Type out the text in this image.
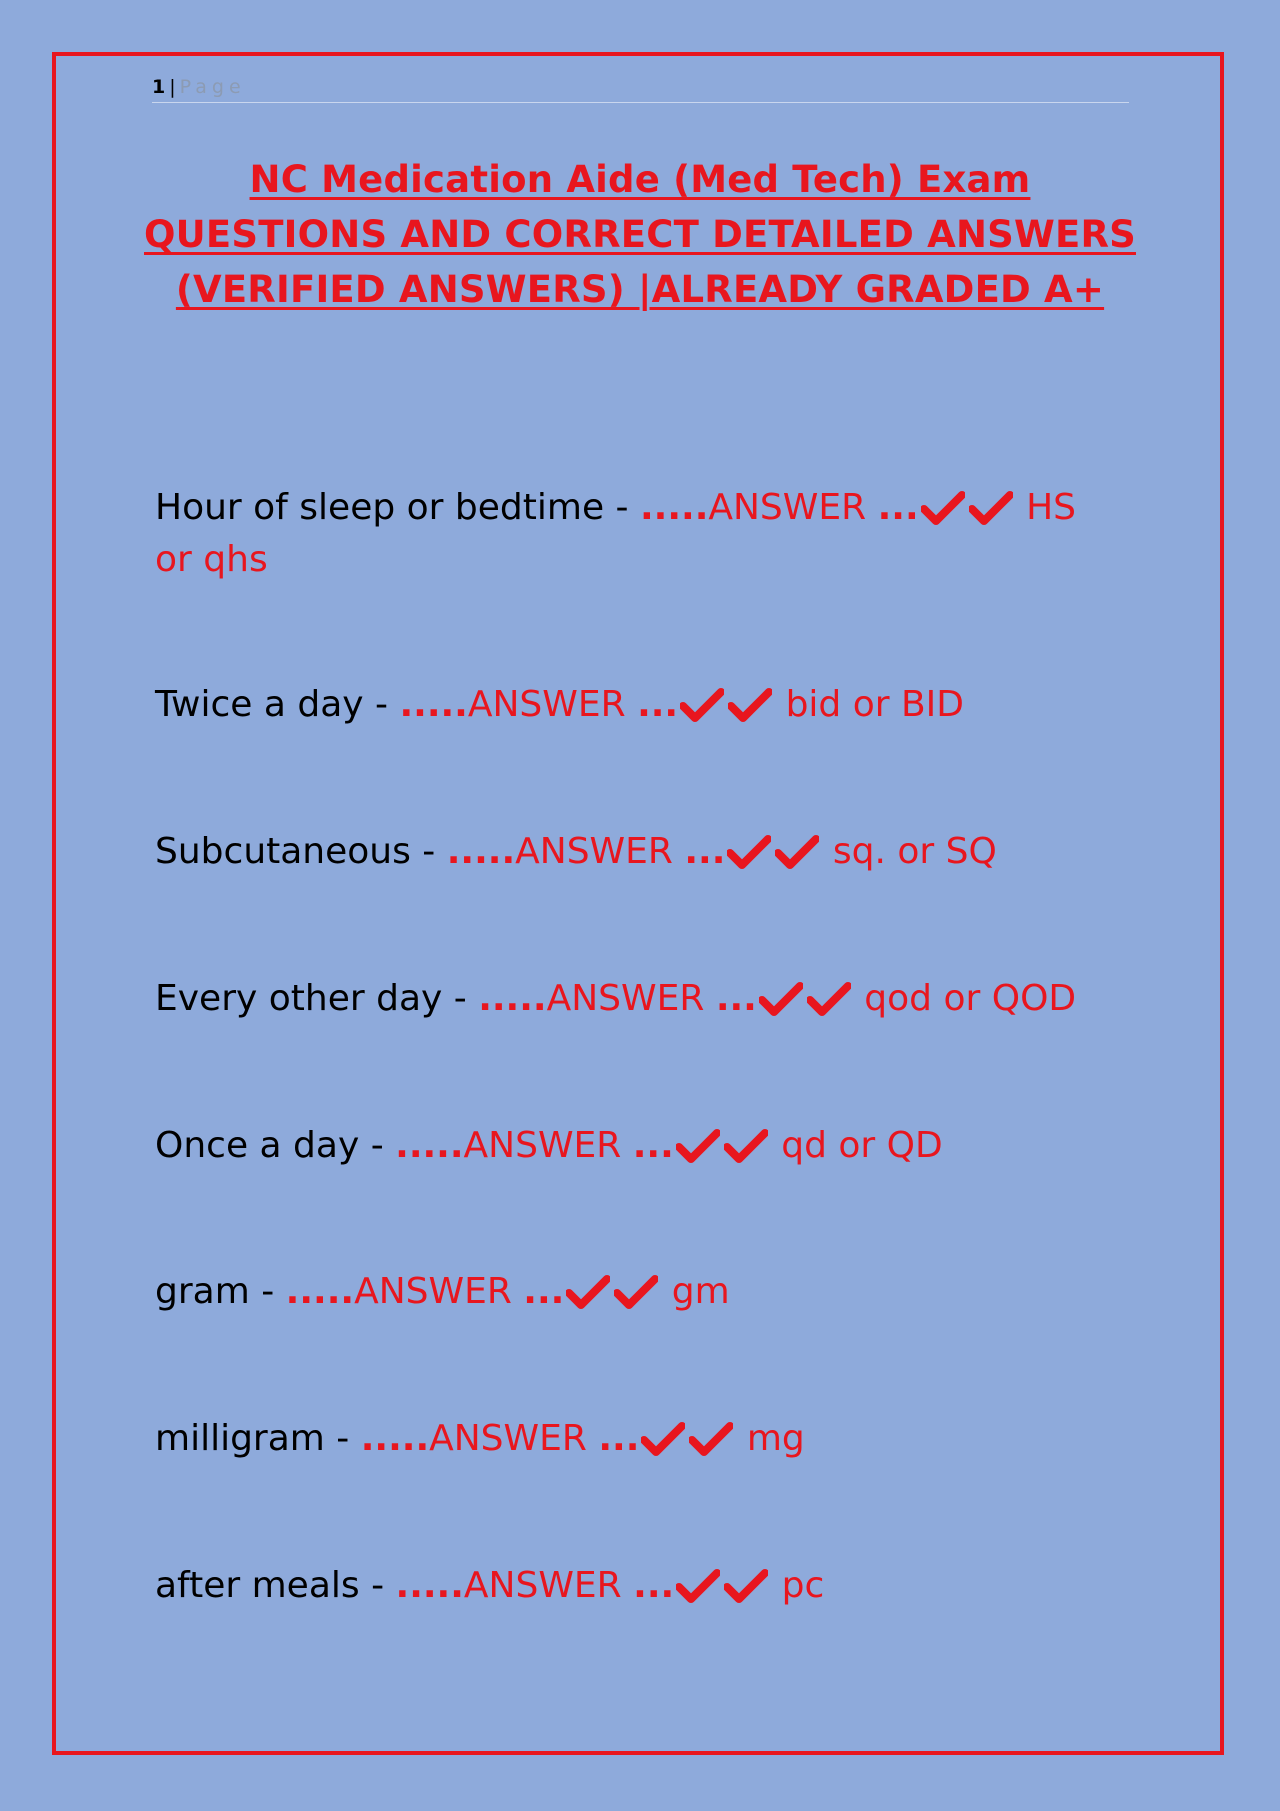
1 | Page
NC Medication Aide (Med Tech) Exam
QUESTIONS AND CORRECT DETAILED ANSWERS
(VERIFIED ANSWERS) |ALREADY GRADED A+
Hour of sleep or bedtime - .....ANSWER ...	HS or qhs
Twice a day - .....ANSWER ...	bid or BID
Subcutaneous - .....ANSWER ...	sq. or SQ
Every other day - .....ANSWER ...	qod or QOD
Once a day - .....ANSWER ...	qd or QD
gram - .....ANSWER ...	gm
milligram - .....ANSWER ...	mg
after meals - .....ANSWER ...	pc
